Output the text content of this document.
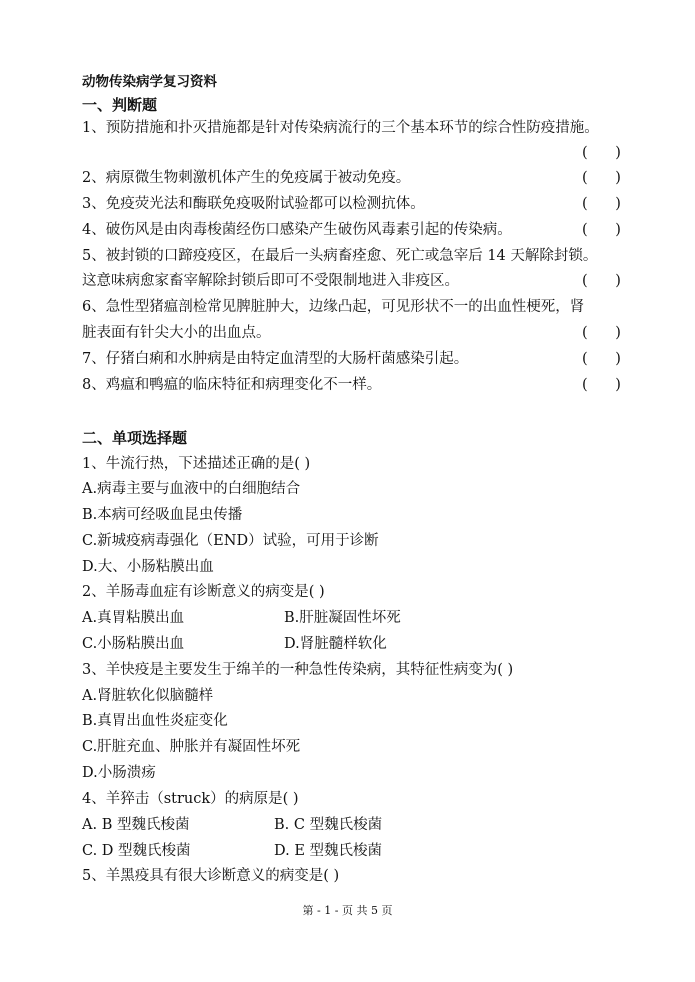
动物传染病学复习资料
一、判断题
1、预防措施和扑灭措施都是针对传染病流行的三个基本环节的综合性防疫措施。
(      )
2、病原微生物刺激机体产生的免疫属于被动免疫。	(      )
3、免疫荧光法和酶联免疫吸附试验都可以检测抗体。	(      )
4、破伤风是由肉毒梭菌经伤口感染产生破伤风毒素引起的传染病。	(      )
5、被封锁的口蹄疫疫区，在最后一头病畜痊愈、死亡或急宰后 14 天解除封锁。
这意味病愈家畜宰解除封锁后即可不受限制地进入非疫区。	(      )
6、急性型猪瘟剖检常见脾脏肿大，边缘凸起，可见形状不一的出血性梗死，肾
脏表面有针尖大小的出血点。	(      )
7、仔猪白痢和水肿病是由特定血清型的大肠杆菌感染引起。	(      )
8、鸡瘟和鸭瘟的临床特征和病理变化不一样。	(      )
二、单项选择题
1、牛流行热，下述描述正确的是( )
A.病毒主要与血液中的白细胞结合
B.本病可经吸血昆虫传播
C.新城疫病毒强化（END）试验，可用于诊断
D.大、小肠粘膜出血
2、羊肠毒血症有诊断意义的病变是( )
A.真胃粘膜出血	B.肝脏凝固性坏死
C.小肠粘膜出血	D.肾脏髓样软化
3、羊快疫是主要发生于绵羊的一种急性传染病，其特征性病变为( )
A.肾脏软化似脑髓样
B.真胃出血性炎症变化
C.肝脏充血、肿胀并有凝固性坏死
D.小肠溃疡
4、羊猝击（struck）的病原是( )
A. B 型魏氏梭菌	B. C 型魏氏梭菌
C. D 型魏氏梭菌	D. E 型魏氏梭菌
5、羊黑疫具有很大诊断意义的病变是( )
第 - 1 - 页 共 5 页
